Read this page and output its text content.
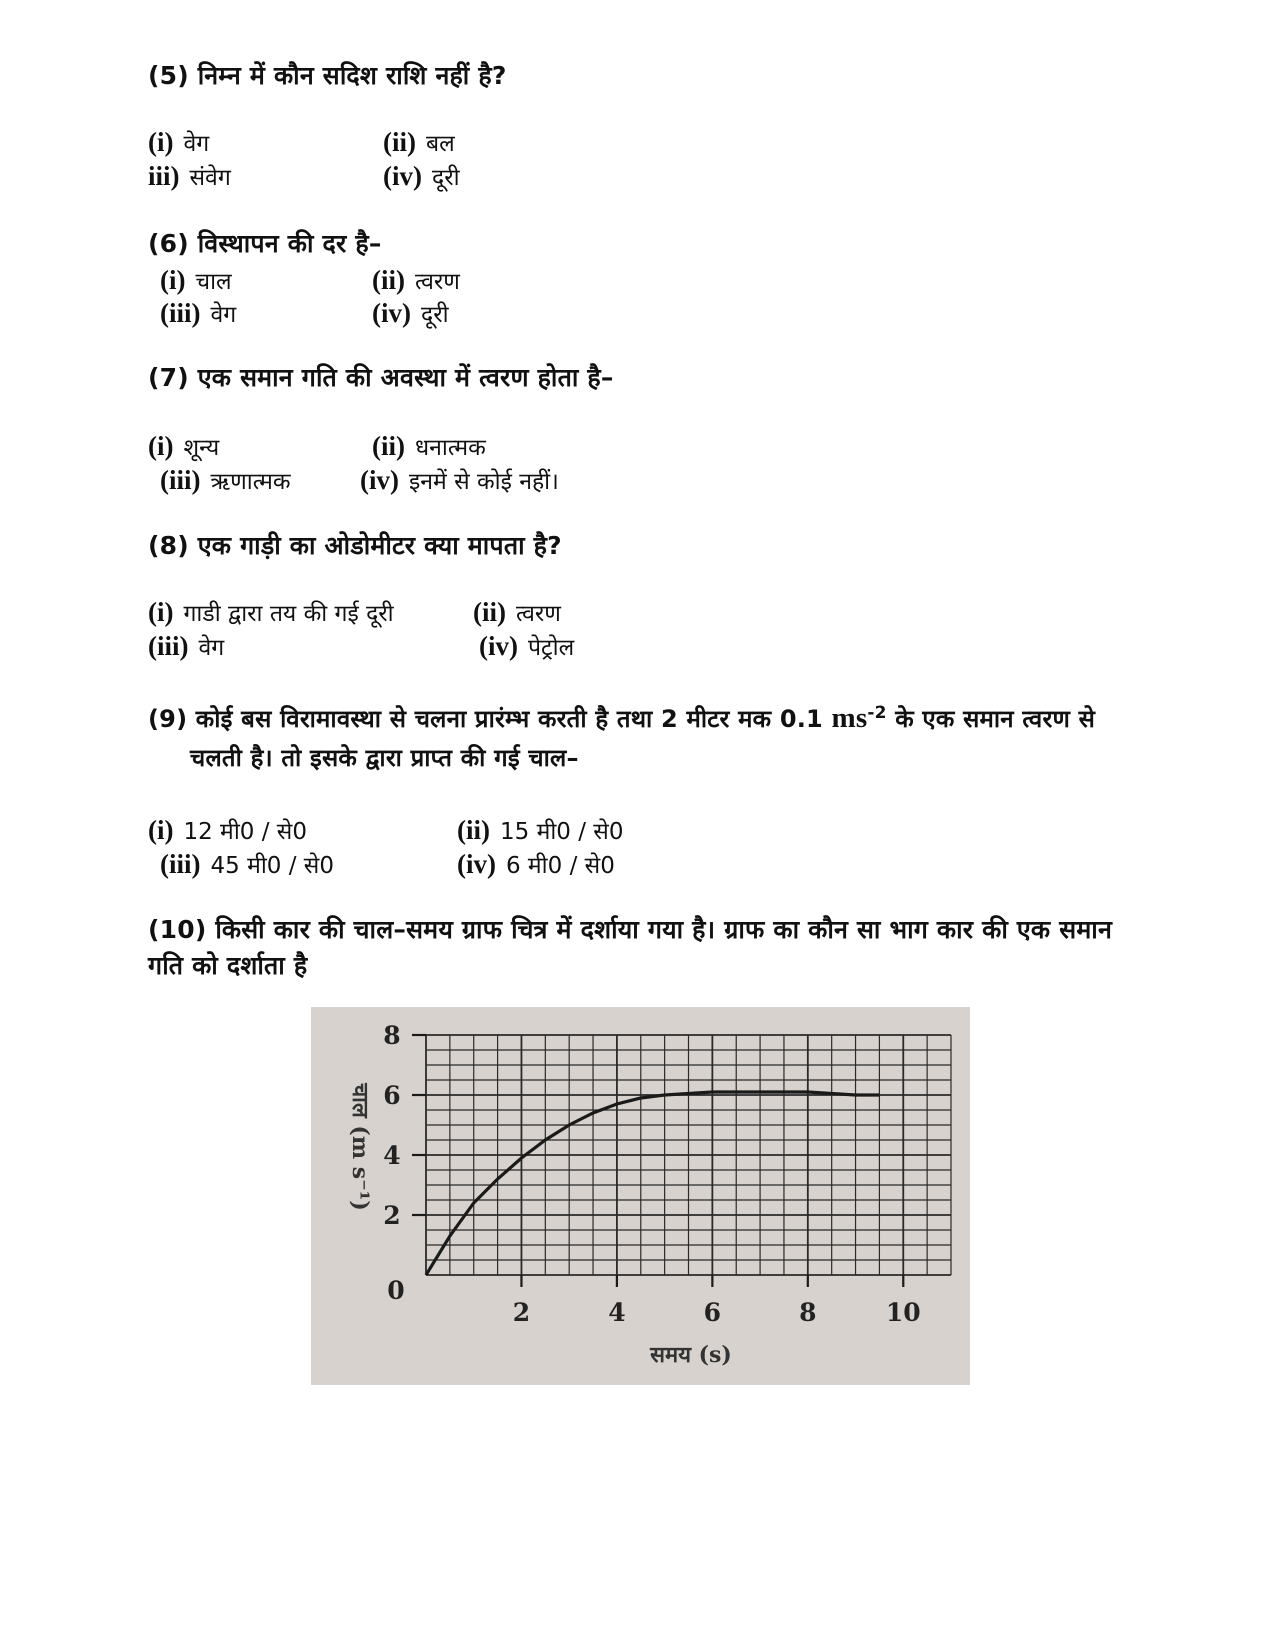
(5) निम्न में कौन सदिश राशि नहीं है?
(i) वेग	(ii) बल
iii) संवेग	(iv) दूरी
(6) विस्थापन की दर है–
(i) चाल	(ii) त्वरण
(iii) वेग	(iv) दूरी
(7) एक समान गति की अवस्था में त्वरण होता है–
(i) शून्य	(ii) धनात्मक
(iii) ऋणात्मक	(iv) इनमें से कोई नहीं।
(8) एक गाड़ी का ओडोमीटर क्या मापता है?
(i) गाडी द्वारा तय की गई दूरी	(ii) त्वरण
(iii) वेग	(iv) पेट्रोल
(9) कोई बस विरामावस्था से चलना प्रारंम्भ करती है तथा 2 मीटर मक 0.1 $ms^{-2}$ के एक समान त्वरण से
चलती है। तो इसके द्वारा प्राप्त की गई चाल–
(i) 12 मी0 / से0	(ii) 15 मी0 / से0
(iii) 45 मी0 / से0	(iv) 6 मी0 / से0
(10) किसी कार की चाल–समय ग्राफ चित्र में दर्शाया गया है। ग्राफ का कौन सा भाग कार की एक समान गति को दर्शाता है
0
2	4	6	8	10
2
4
6
8
समय (s)
चाल (m s⁻¹)
